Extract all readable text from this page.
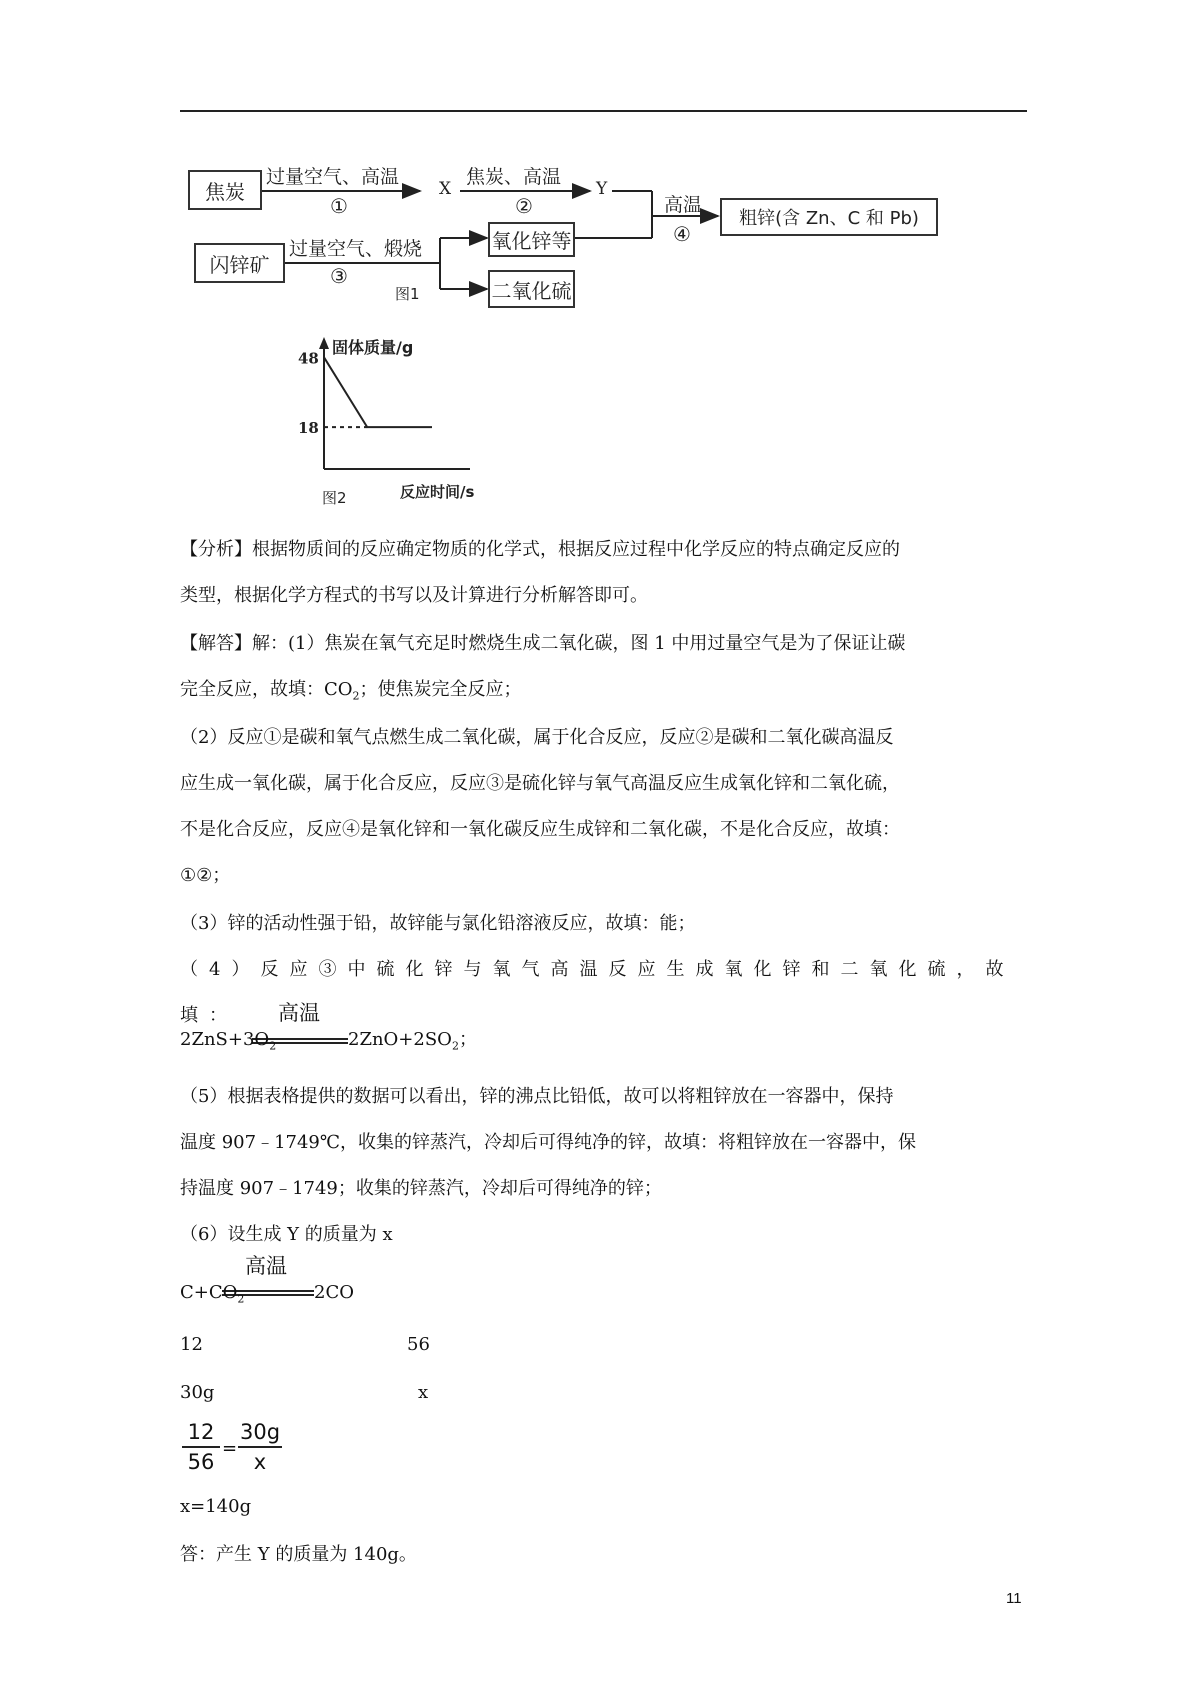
焦炭
过量空气、高温
①
X
焦炭、高温
②
Y
闪锌矿
过量空气、煅烧
③
氧化锌等
二氧化硫
图1
高温
④
粗锌(含 Zn、C 和 Pb)
固体质量/g
反应时间/s
图2
48
18
【分析】根据物质间的反应确定物质的化学式，根据反应过程中化学反应的特点确定反应的
类型，根据化学方程式的书写以及计算进行分析解答即可。
【解答】解：(1）焦炭在氧气充足时燃烧生成二氧化碳，图 1 中用过量空气是为了保证让碳
完全反应，故填：$CO_2$；使焦炭完全反应；
（2）反应①是碳和氧气点燃生成二氧化碳，属于化合反应，反应②是碳和二氧化碳高温反
应生成一氧化碳，属于化合反应，反应③是硫化锌与氧气高温反应生成氧化锌和二氧化硫，
不是化合反应，反应④是氧化锌和一氧化碳反应生成锌和二氧化碳，不是化合反应，故填：
①②；
（3）锌的活动性强于铅，故锌能与氯化铅溶液反应，故填：能；
（4）反应③中硫化锌与氧气高温反应生成氧化锌和二氧化硫，故填：	高温
$2ZnS+3O_2$	$2ZnO+2SO_2$；
（5）根据表格提供的数据可以看出，锌的沸点比铅低，故可以将粗锌放在一容器中，保持
温度 907﹣1749℃，收集的锌蒸汽，冷却后可得纯净的锌，故填：将粗锌放在一容器中，保
持温度 907﹣1749；收集的锌蒸汽，冷却后可得纯净的锌；
（6）设生成 Y 的质量为 x
高温
$C+CO_2$	2CO
12	56
30g	x
12
56
=
30g
x
x=140g
答：产生 Y 的质量为 140g。
11
